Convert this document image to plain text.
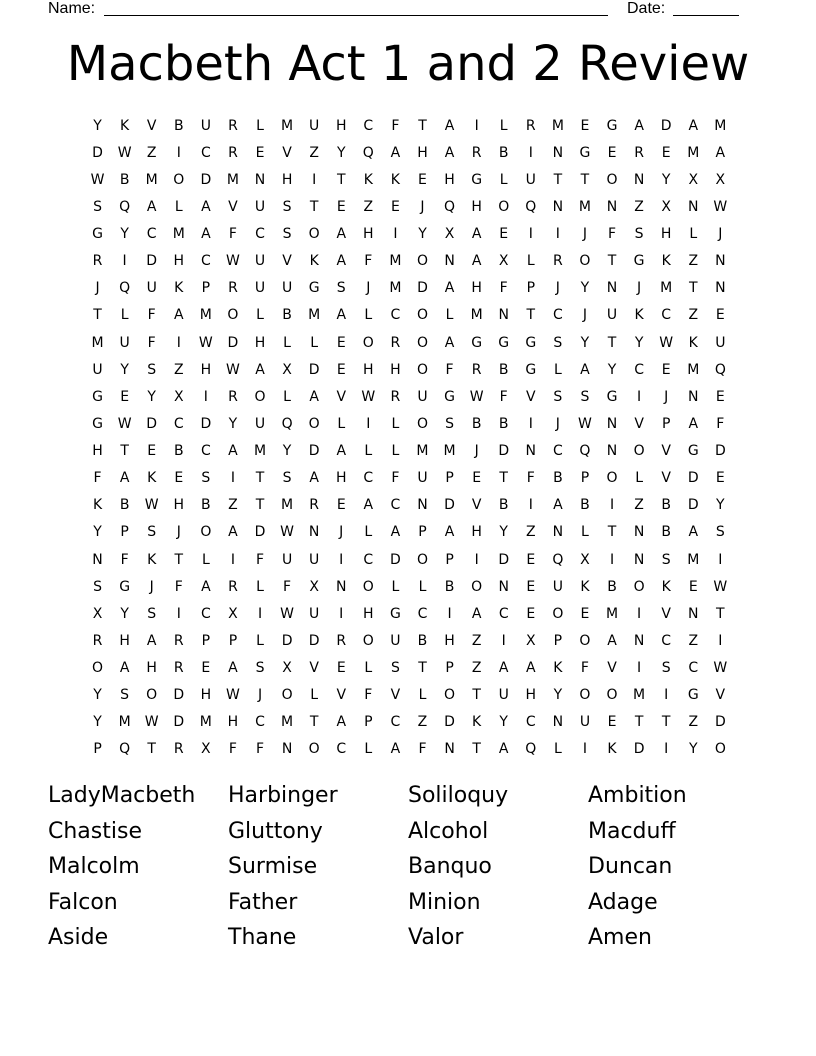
Name:	Date:
Macbeth Act 1 and 2 Review
Y	K	V	B	U	R	L	M	U	H	C	F	T	A	I	L	R	M	E	G	A	D	A	M
D	W	Z	I	C	R	E	V	Z	Y	Q	A	H	A	R	B	I	N	G	E	R	E	M	A
W	B	M	O	D	M	N	H	I	T	K	K	E	H	G	L	U	T	T	O	N	Y	X	X
S	Q	A	L	A	V	U	S	T	E	Z	E	J	Q	H	O	Q	N	M	N	Z	X	N	W
G	Y	C	M	A	F	C	S	O	A	H	I	Y	X	A	E	I	I	J	F	S	H	L	J
R	I	D	H	C	W	U	V	K	A	F	M	O	N	A	X	L	R	O	T	G	K	Z	N
J	Q	U	K	P	R	U	U	G	S	J	M	D	A	H	F	P	J	Y	N	J	M	T	N
T	L	F	A	M	O	L	B	M	A	L	C	O	L	M	N	T	C	J	U	K	C	Z	E
M	U	F	I	W	D	H	L	L	E	O	R	O	A	G	G	G	S	Y	T	Y	W	K	U
U	Y	S	Z	H	W	A	X	D	E	H	H	O	F	R	B	G	L	A	Y	C	E	M	Q
G	E	Y	X	I	R	O	L	A	V	W	R	U	G	W	F	V	S	S	G	I	J	N	E
G	W	D	C	D	Y	U	Q	O	L	I	L	O	S	B	B	I	J	W	N	V	P	A	F
H	T	E	B	C	A	M	Y	D	A	L	L	M	M	J	D	N	C	Q	N	O	V	G	D
F	A	K	E	S	I	T	S	A	H	C	F	U	P	E	T	F	B	P	O	L	V	D	E
K	B	W	H	B	Z	T	M	R	E	A	C	N	D	V	B	I	A	B	I	Z	B	D	Y
Y	P	S	J	O	A	D	W	N	J	L	A	P	A	H	Y	Z	N	L	T	N	B	A	S
N	F	K	T	L	I	F	U	U	I	C	D	O	P	I	D	E	Q	X	I	N	S	M	I
S	G	J	F	A	R	L	F	X	N	O	L	L	B	O	N	E	U	K	B	O	K	E	W
X	Y	S	I	C	X	I	W	U	I	H	G	C	I	A	C	E	O	E	M	I	V	N	T
R	H	A	R	P	P	L	D	D	R	O	U	B	H	Z	I	X	P	O	A	N	C	Z	I
O	A	H	R	E	A	S	X	V	E	L	S	T	P	Z	A	A	K	F	V	I	S	C	W
Y	S	O	D	H	W	J	O	L	V	F	V	L	O	T	U	H	Y	O	O	M	I	G	V
Y	M	W	D	M	H	C	M	T	A	P	C	Z	D	K	Y	C	N	U	E	T	T	Z	D
P	Q	T	R	X	F	F	N	O	C	L	A	F	N	T	A	Q	L	I	K	D	I	Y	O
LadyMacbeth	Harbinger	Soliloquy	Ambition
Chastise	Gluttony	Alcohol	Macduff
Malcolm	Surmise	Banquo	Duncan
Falcon	Father	Minion	Adage
Aside	Thane	Valor	Amen
